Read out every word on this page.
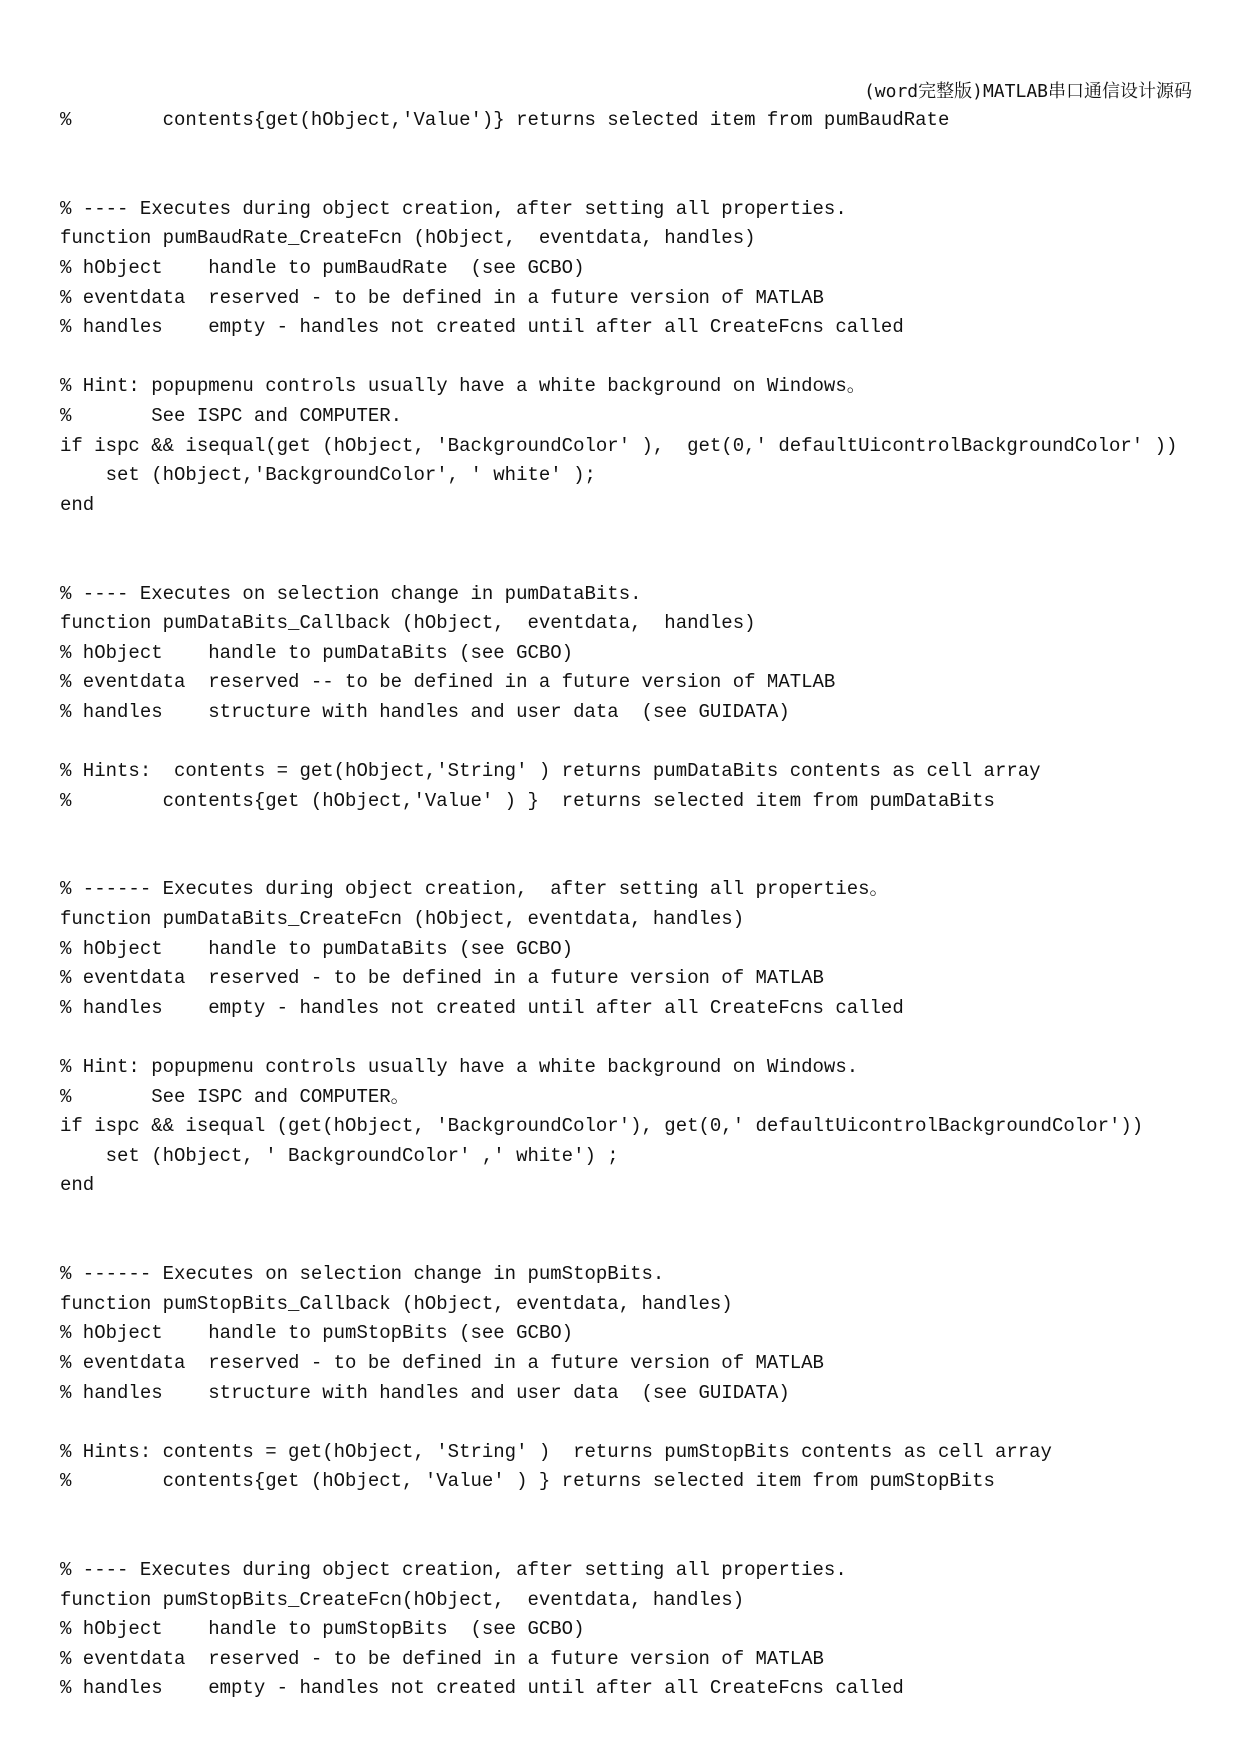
(word完整版)MATLAB串口通信设计源码
%        contents{get(hObject,'Value')} returns selected item from pumBaudRate
% ---- Executes during object creation, after setting all properties.
function pumBaudRate_CreateFcn (hObject,  eventdata, handles)
% hObject    handle to pumBaudRate  (see GCBO)
% eventdata  reserved - to be defined in a future version of MATLAB
% handles    empty - handles not created until after all CreateFcns called
% Hint: popupmenu controls usually have a white background on Windows。
%       See ISPC and COMPUTER.
if ispc && isequal(get (hObject, 'BackgroundColor' ),  get(0,' defaultUicontrolBackgroundColor' ))
set (hObject,'BackgroundColor', ' white' );
end
% ---- Executes on selection change in pumDataBits.
function pumDataBits_Callback (hObject,  eventdata,  handles)
% hObject    handle to pumDataBits (see GCBO)
% eventdata  reserved -- to be defined in a future version of MATLAB
% handles    structure with handles and user data  (see GUIDATA)
% Hints:  contents = get(hObject,'String' ) returns pumDataBits contents as cell array
%        contents{get (hObject,'Value' ) }  returns selected item from pumDataBits
% ------ Executes during object creation,  after setting all properties。
function pumDataBits_CreateFcn (hObject, eventdata, handles)
% hObject    handle to pumDataBits (see GCBO)
% eventdata  reserved - to be defined in a future version of MATLAB
% handles    empty - handles not created until after all CreateFcns called
% Hint: popupmenu controls usually have a white background on Windows.
%       See ISPC and COMPUTER。
if ispc && isequal (get(hObject, 'BackgroundColor'), get(0,' defaultUicontrolBackgroundColor'))
set (hObject, ' BackgroundColor' ,' white') ;
end
% ------ Executes on selection change in pumStopBits.
function pumStopBits_Callback (hObject, eventdata, handles)
% hObject    handle to pumStopBits (see GCBO)
% eventdata  reserved - to be defined in a future version of MATLAB
% handles    structure with handles and user data  (see GUIDATA)
% Hints: contents = get(hObject, 'String' )  returns pumStopBits contents as cell array
%        contents{get (hObject, 'Value' ) } returns selected item from pumStopBits
% ---- Executes during object creation, after setting all properties.
function pumStopBits_CreateFcn(hObject,  eventdata, handles)
% hObject    handle to pumStopBits  (see GCBO)
% eventdata  reserved - to be defined in a future version of MATLAB
% handles    empty - handles not created until after all CreateFcns called
